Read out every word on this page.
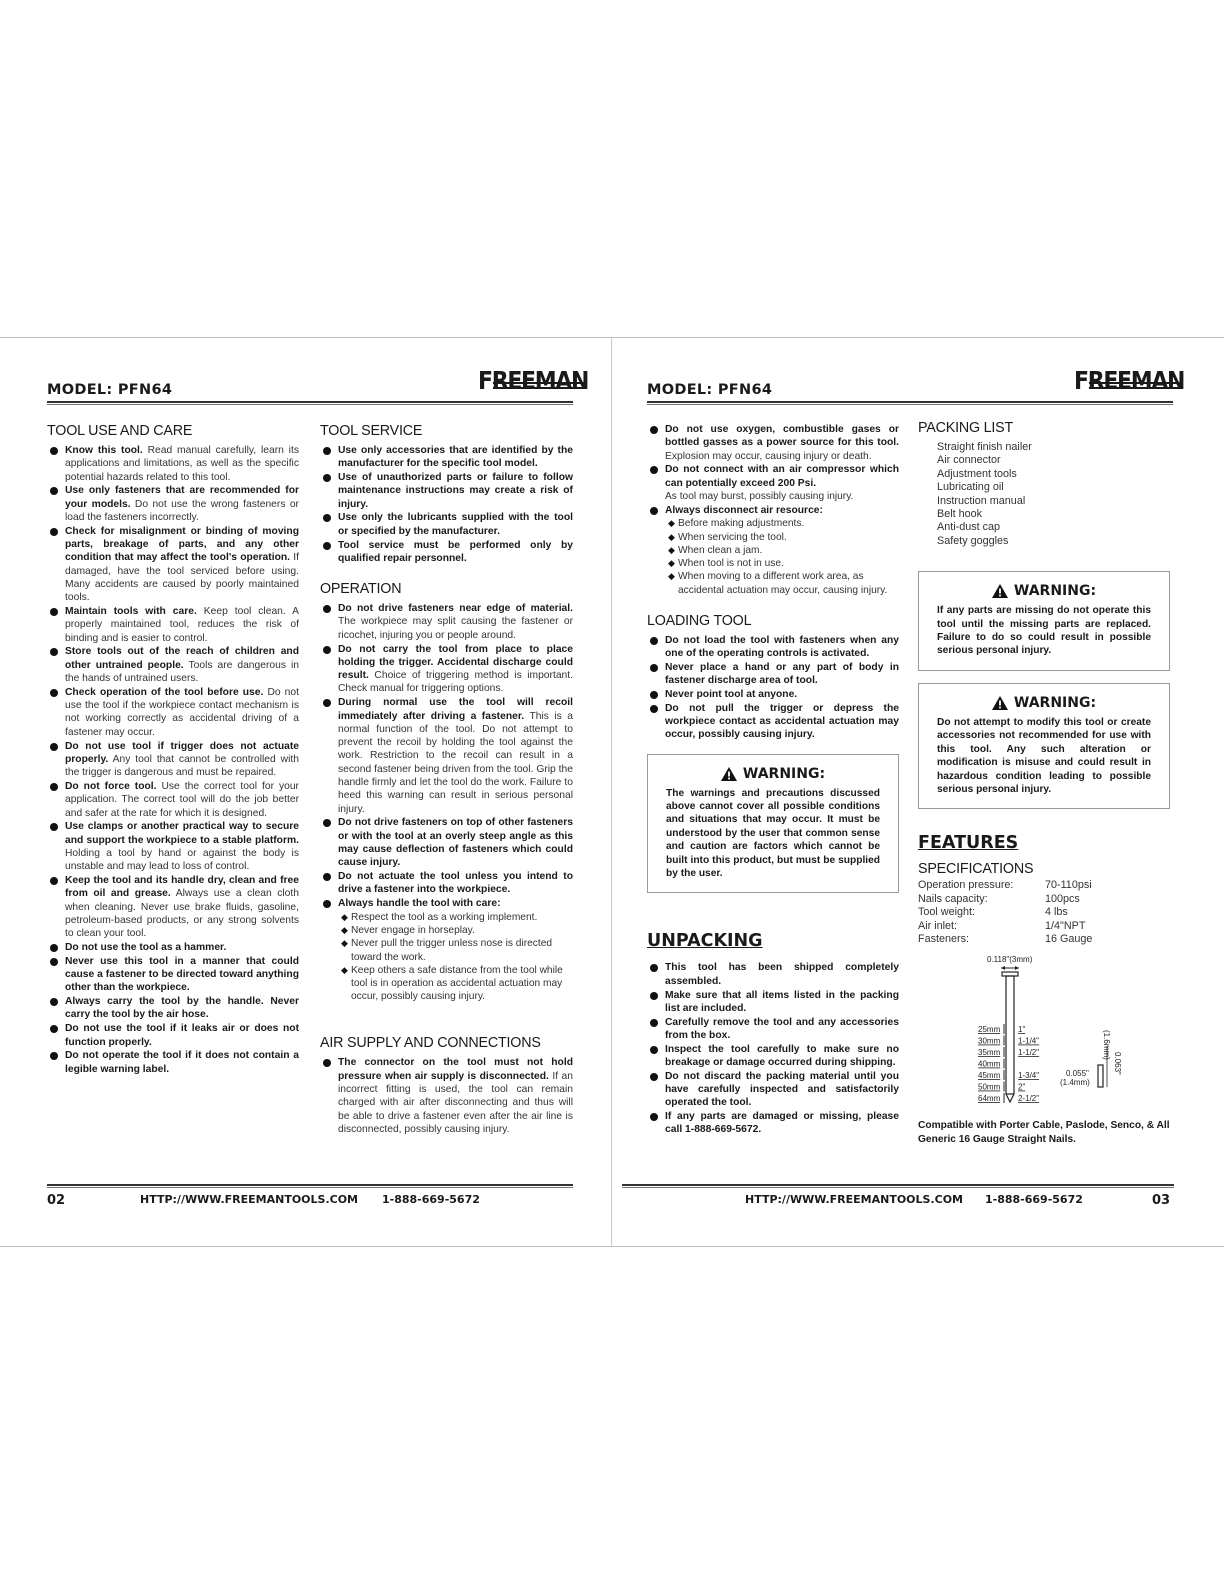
MODEL: PFN64	FREEMAN
TOOL USE AND CARE
Know this tool. Read manual carefully, learn its applications and limitations, as well as the specific potential hazards related to this tool.
Use only fasteners that are recommended for your models. Do not use the wrong fasteners or load the fasteners incorrectly.
Check for misalignment or binding of moving parts, breakage of parts, and any other condition that may affect the tool's operation. If damaged, have the tool serviced before using. Many accidents are caused by poorly maintained tools.
Maintain tools with care. Keep tool clean. A properly maintained tool, reduces the risk of binding and is easier to control.
Store tools out of the reach of children and other untrained people. Tools are dangerous in the hands of untrained users.
Check operation of the tool before use. Do not use the tool if the workpiece contact mechanism is not working correctly as accidental driving of a fastener may occur.
Do not use tool if trigger does not actuate properly. Any tool that cannot be controlled with the trigger is dangerous and must be repaired.
Do not force tool. Use the correct tool for your application. The correct tool will do the job better and safer at the rate for which it is designed.
Use clamps or another practical way to secure and support the workpiece to a stable platform. Holding a tool by hand or against the body is unstable and may lead to loss of control.
Keep the tool and its handle dry, clean and free from oil and grease. Always use a clean cloth when cleaning. Never use brake fluids, gasoline, petroleum-based products, or any strong solvents to clean your tool.
Do not use the tool as a hammer.
Never use this tool in a manner that could cause a fastener to be directed toward anything other than the workpiece.
Always carry the tool by the handle. Never carry the tool by the air hose.
Do not use the tool if it leaks air or does not function properly.
Do not operate the tool if it does not contain a legible warning label.
TOOL SERVICE
Use only accessories that are identified by the manufacturer for the specific tool model.
Use of unauthorized parts or failure to follow maintenance instructions may create a risk of injury.
Use only the lubricants supplied with the tool or specified by the manufacturer.
Tool service must be performed only by qualified repair personnel.
OPERATION
Do not drive fasteners near edge of material. The workpiece may split causing the fastener or ricochet, injuring you or people around.
Do not carry the tool from place to place holding the trigger. Accidental discharge could result. Choice of triggering method is important. Check manual for triggering options.
During normal use the tool will recoil immediately after driving a fastener. This is a normal function of the tool. Do not attempt to prevent the recoil by holding the tool against the work. Restriction to the recoil can result in a second fastener being driven from the tool. Grip the handle firmly and let the tool do the work. Failure to heed this warning can result in serious personal injury.
Do not drive fasteners on top of other fasteners or with the tool at an overly steep angle as this may cause deflection of fasteners which could cause injury.
Do not actuate the tool unless you intend to drive a fastener into the workpiece.
Always handle the tool with care:
◆ Respect the tool as a working implement.
◆ Never engage in horseplay.
◆ Never pull the trigger unless nose is directed toward the work.
◆ Keep others a safe distance from the tool while tool is in operation as accidental actuation may occur, possibly causing injury.
AIR SUPPLY AND CONNECTIONS
The connector on the tool must not hold pressure when air supply is disconnected. If an incorrect fitting is used, the tool can remain charged with air after disconnecting and thus will be able to drive a fastener even after the air line is disconnected, possibly causing injury.
02	HTTP://WWW.FREEMANTOOLS.COM 1-888-669-5672
MODEL: PFN64	FREEMAN
Do not use oxygen, combustible gases or bottled gasses as a power source for this tool. Explosion may occur, causing injury or death.
Do not connect with an air compressor which can potentially exceed 200 Psi.
As tool may burst, possibly causing injury.
Always disconnect air resource:
◆ Before making adjustments.
◆ When servicing the tool.
◆ When clean a jam.
◆ When tool is not in use.
◆ When moving to a different work area, as accidental actuation may occur, causing injury.
LOADING TOOL
Do not load the tool with fasteners when any one of the operating controls is activated.
Never place a hand or any part of body in fastener discharge area of tool.
Never point tool at anyone.
Do not pull the trigger or depress the workpiece contact as accidental actuation may occur, possibly causing injury.
WARNING:
The warnings and precautions discussed above cannot cover all possible conditions and situations that may occur. It must be understood by the user that common sense and caution are factors which cannot be built into this product, but must be supplied by the user.
UNPACKING
This tool has been shipped completely assembled.
Make sure that all items listed in the packing list are included.
Carefully remove the tool and any accessories from the box.
Inspect the tool carefully to make sure no breakage or damage occurred during shipping.
Do not discard the packing material until you have carefully inspected and satisfactorily operated the tool.
If any parts are damaged or missing, please call 1-888-669-5672.
PACKING LIST
Straight finish nailer
Air connector
Adjustment tools
Lubricating oil
Instruction manual
Belt hook
Anti-dust cap
Safety goggles
WARNING:
If any parts are missing do not operate this tool until the missing parts are replaced. Failure to do so could result in possible serious personal injury.
WARNING:
Do not attempt to modify this tool or create accessories not recommended for use with this tool. Any such alteration or modification is misuse and could result in hazardous condition leading to possible serious personal injury.
FEATURES
SPECIFICATIONS
Operation pressure:	70-110psi
Nails capacity:	100pcs
Tool weight:	4 lbs
Air inlet:	1/4"NPT
Fasteners:	16 Gauge
0.118"(3mm)
25mm 1"
30mm 1-1/4"
35mm 1-1/2"
40mm
45mm 1-3/4"
50mm 2"
64mm 2-1/2"
0.055"
(1.4mm)
0.063"
(1.6mm)
Compatible with Porter Cable, Paslode, Senco, & All Generic 16 Gauge Straight Nails.
HTTP://WWW.FREEMANTOOLS.COM 1-888-669-5672	03
